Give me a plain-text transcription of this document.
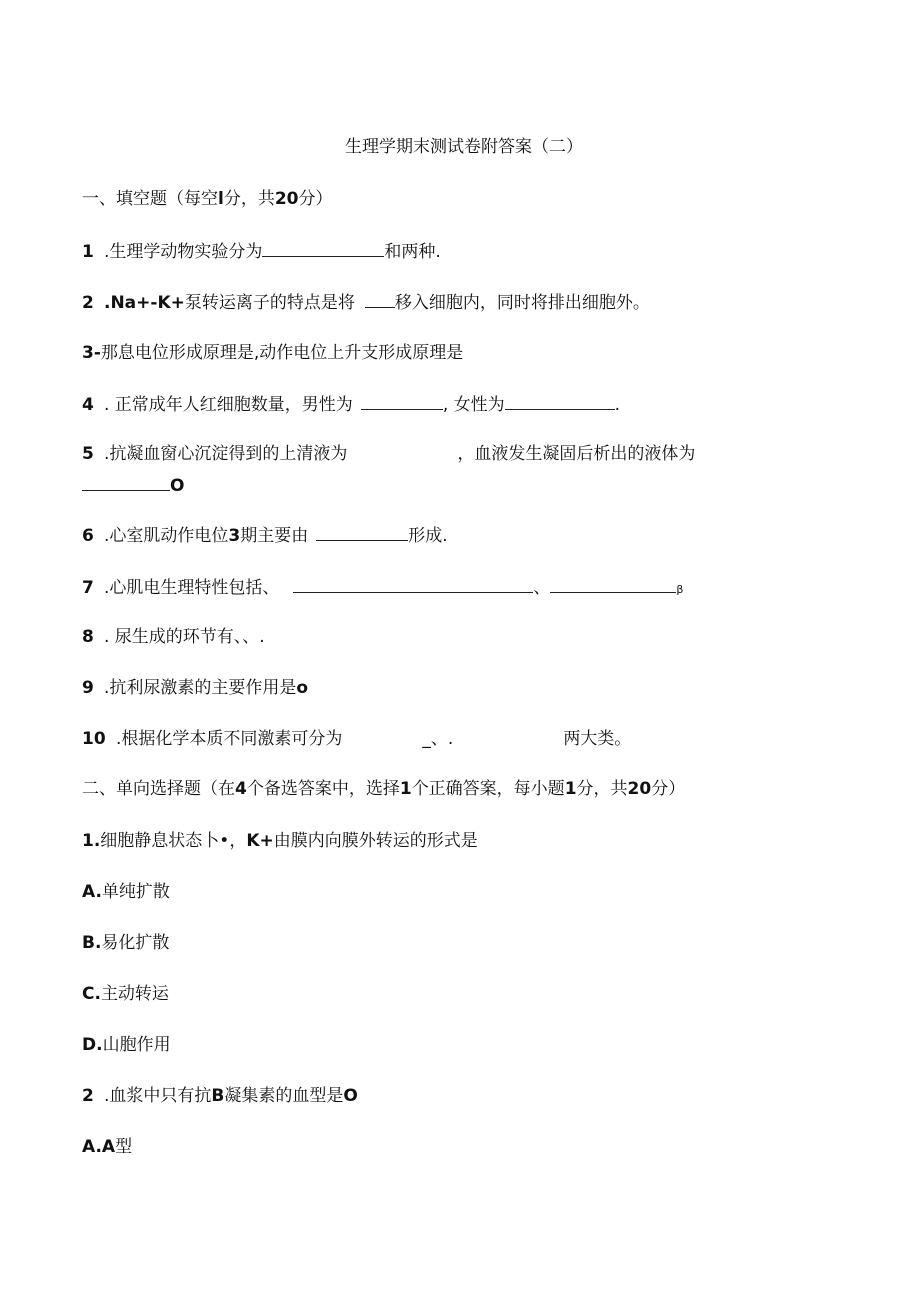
生理学期末测试卷附答案（二）
一、填空题（每空l分，共20分）
1 .生理学动物实验分为	和两种.
2 .Na+-K+泵转运离子的特点是将 移入细胞内，同时将排出细胞外。
3-那息电位形成原理是,动作电位上升支形成原理是
4 . 正常成年人红细胞数量，男性为	, 女性为	.
5 .抗凝血窗心沉淀得到的上清液为	，血液发生凝固后析出的液体为
O
6 .心室肌动作电位3期主要由	形成.
7 .心肌电生理特性包括、	、	β
8 . 尿生成的环节有、、.
9 .抗利尿激素的主要作用是o
10 .根据化学本质不同激素可分为	_、.	两大类。
二、单向选择题（在4个备选答案中，选择1个正确答案，每小题1分，共20分）
1.细胞静息状态卜•，K+由膜内向膜外转运的形式是
A.单纯扩散
B.易化扩散
C.主动转运
D.山胞作用
2 .血浆中只有抗B凝集素的血型是O
A.A型
